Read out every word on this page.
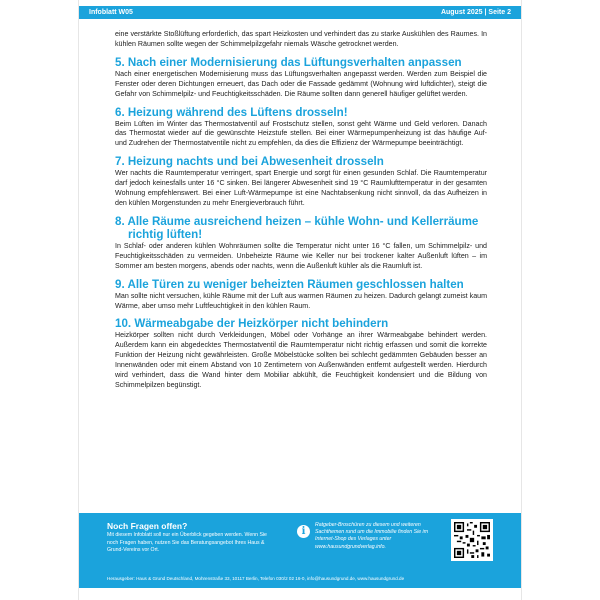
Infoblatt W05	August 2025 | Seite 2

eine verstärkte Stoßlüftung erforderlich, das spart Heizkosten und verhindert das zu starke Auskühlen des Raumes. In kühlen Räumen sollte wegen der Schimmelpilzgefahr niemals Wäsche getrocknet werden.

5. Nach einer Modernisierung das Lüftungsverhalten anpassen

Nach einer energetischen Modernisierung muss das Lüftungsverhalten angepasst werden. Werden zum Beispiel die Fenster oder deren Dichtungen erneuert, das Dach oder die Fassade gedämmt (Wohnung wird luftdichter), steigt die Gefahr von Schimmelpilz- und Feuchtigkeitsschäden. Die Räume sollten dann generell häufiger gelüftet werden.

6. Heizung während des Lüftens drosseln!

Beim Lüften im Winter das Thermostatventil auf Frostschutz stellen, sonst geht Wärme und Geld verloren. Danach das Thermostat wieder auf die gewünschte Heizstufe stellen. Bei einer Wärmepumpenheizung ist das häufige Auf- und Zudrehen der Thermostatventile nicht zu empfehlen, da dies die Effizienz der Wärmepumpe beeinträchtigt.

7. Heizung nachts und bei Abwesenheit drosseln

Wer nachts die Raumtemperatur verringert, spart Energie und sorgt für einen gesunden Schlaf. Die Raumtemperatur darf jedoch keinesfalls unter 16 °C sinken. Bei längerer Abwesenheit sind 19 °C Raumlufttemperatur in der gesamten Wohnung empfehlenswert. Bei einer Luft-Wärmepumpe ist eine Nachtabsenkung nicht sinnvoll, da das Aufheizen in den kühlen Morgenstunden zu mehr Energieverbrauch führt.

8. Alle Räume ausreichend heizen – kühle Wohn- und Kellerräume richtig lüften!

In Schlaf- oder anderen kühlen Wohnräumen sollte die Temperatur nicht unter 16 °C fallen, um Schimmelpilz- und Feuchtigkeitsschäden zu vermeiden. Unbeheizte Räume wie Keller nur bei trockener kalter Außenluft lüften – im Sommer am besten morgens, abends oder nachts, wenn die Außenluft kühler als die Raumluft ist.

9. Alle Türen zu weniger beheizten Räumen geschlossen halten

Man sollte nicht versuchen, kühle Räume mit der Luft aus warmen Räumen zu heizen. Dadurch gelangt zumeist kaum Wärme, aber umso mehr Luftfeuchtigkeit in den kühlen Raum.

10. Wärmeabgabe der Heizkörper nicht behindern

Heizkörper sollten nicht durch Verkleidungen, Möbel oder Vorhänge an ihrer Wärmeabgabe behindert werden. Außerdem kann ein abgedecktes Thermostatventil die Raumtemperatur nicht richtig erfassen und somit die korrekte Funktion der Heizung nicht gewährleisten. Große Möbelstücke sollten bei schlecht gedämmten Gebäuden besser an Innenwänden oder mit einem Abstand von 10 Zentimetern von Außenwänden entfernt aufgestellt werden. Hierdurch wird verhindert, dass die Wand hinter dem Mobiliar abkühlt, die Feuchtigkeit kondensiert und die Bildung von Schimmelpilzen begünstigt.

Noch Fragen offen?
Mit diesem Infoblatt soll nur ein Überblick gegeben werden. Wenn Sie noch Fragen haben, nutzen Sie das Beratungsangebot Ihres Haus & Grund-Vereins vor Ort.
i
Ratgeber-Broschüren zu diesem und weiteren Sachthemen rund um die Immobilie finden Sie im Internet-Shop des Verlages unter www.hausundgrundverlag.info.
Herausgeber: Haus & Grund Deutschland, Mohrenstraße 33, 10117 Berlin, Telefon 030/2 02 16-0, info@hausundgrund.de, www.hausundgrund.de
